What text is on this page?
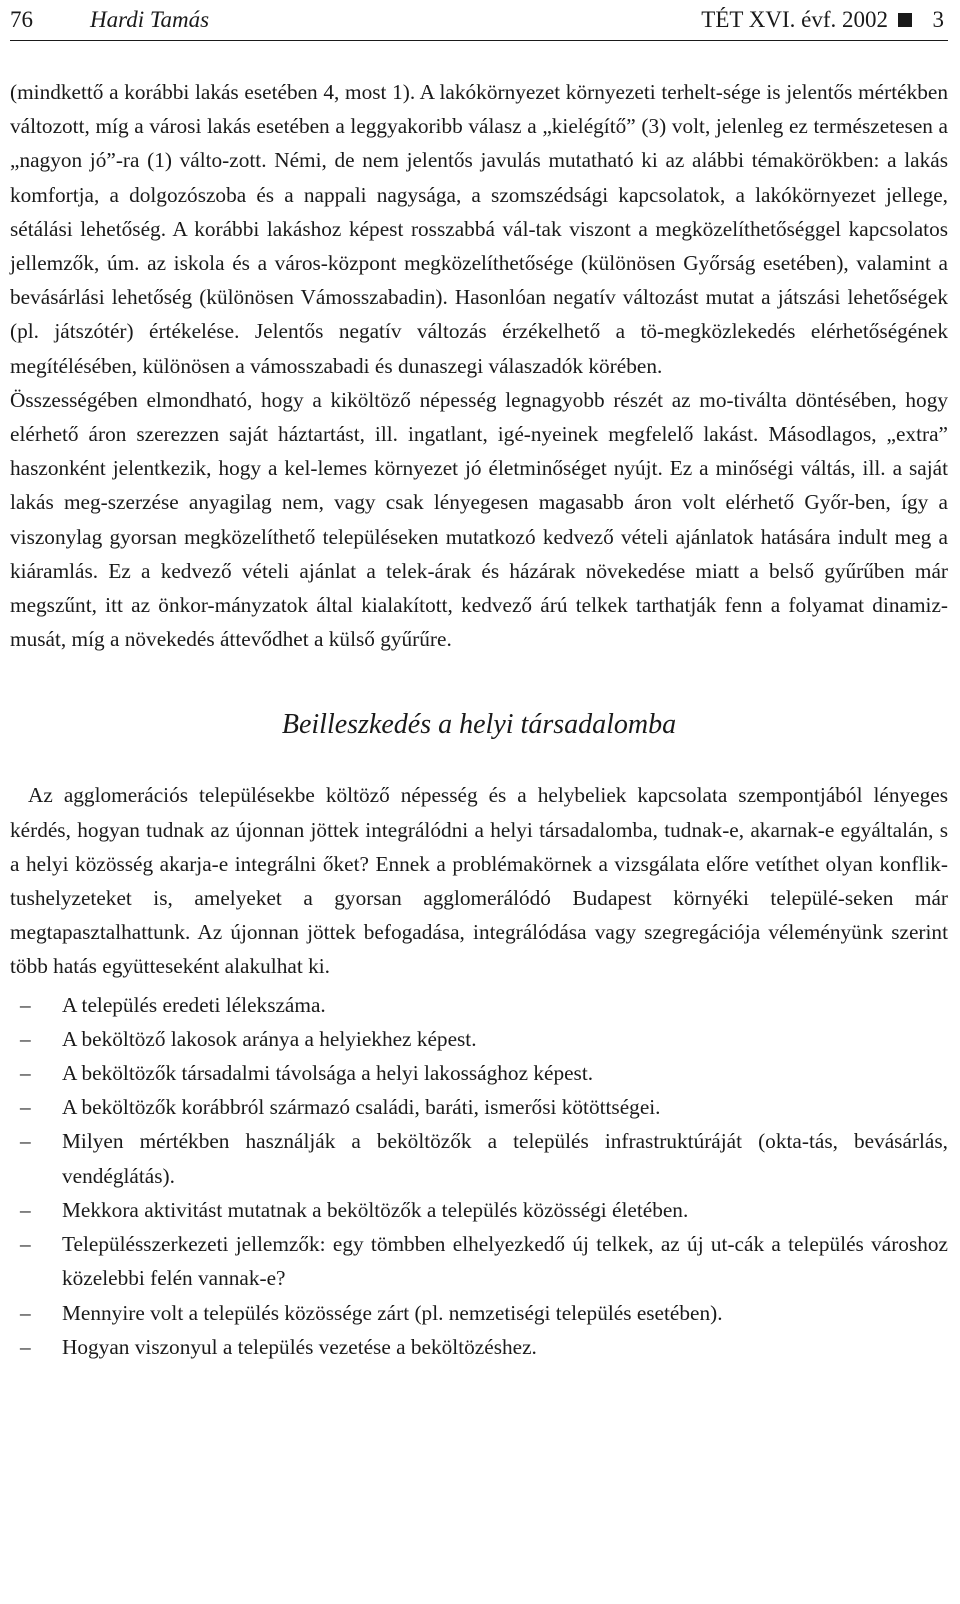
76 Hardi Tamás	TÉT XVI. évf. 2002 3

(mindkettő a korábbi lakás esetében 4, most 1). A lakókörnyezet környezeti terhelt-sége is jelentős mértékben változott, míg a városi lakás esetében a leggyakoribb válasz a „kielégítő” (3) volt, jelenleg ez természetesen a „nagyon jó”-ra (1) válto-zott. Némi, de nem jelentős javulás mutatható ki az alábbi témakörökben: a lakás komfortja, a dolgozószoba és a nappali nagysága, a szomszédsági kapcsolatok, a lakókörnyezet jellege, sétálási lehetőség. A korábbi lakáshoz képest rosszabbá vál-tak viszont a megközelíthetőséggel kapcsolatos jellemzők, úm. az iskola és a város-központ megközelíthetősége (különösen Győrság esetében), valamint a bevásárlási lehetőség (különösen Vámosszabadin). Hasonlóan negatív változást mutat a játszási lehetőségek (pl. játszótér) értékelése. Jelentős negatív változás érzékelhető a tö-megközlekedés elérhetőségének megítélésében, különösen a vámosszabadi és dunaszegi válaszadók körében.

Összességében elmondható, hogy a kiköltöző népesség legnagyobb részét az mo-tiválta döntésében, hogy elérhető áron szerezzen saját háztartást, ill. ingatlant, igé-nyeinek megfelelő lakást. Másodlagos, „extra” haszonként jelentkezik, hogy a kel-lemes környezet jó életminőséget nyújt. Ez a minőségi váltás, ill. a saját lakás meg-szerzése anyagilag nem, vagy csak lényegesen magasabb áron volt elérhető Győr-ben, így a viszonylag gyorsan megközelíthető településeken mutatkozó kedvező vételi ajánlatok hatására indult meg a kiáramlás. Ez a kedvező vételi ajánlat a telek-árak és házárak növekedése miatt a belső gyűrűben már megszűnt, itt az önkor-mányzatok által kialakított, kedvező árú telkek tarthatják fenn a folyamat dinamiz-musát, míg a növekedés áttevődhet a külső gyűrűre.

Beilleszkedés a helyi társadalomba

Az agglomerációs településekbe költöző népesség és a helybeliek kapcsolata szempontjából lényeges kérdés, hogyan tudnak az újonnan jöttek integrálódni a helyi társadalomba, tudnak-e, akarnak-e egyáltalán, s a helyi közösség akarja-e integrálni őket? Ennek a problémakörnek a vizsgálata előre vetíthet olyan konflik-tushelyzeteket is, amelyeket a gyorsan agglomerálódó Budapest környéki települé-seken már megtapasztalhattunk. Az újonnan jöttek befogadása, integrálódása vagy szegregációja véleményünk szerint több hatás együtteseként alakulhat ki.

– A település eredeti lélekszáma.
– A beköltöző lakosok aránya a helyiekhez képest.
– A beköltözők társadalmi távolsága a helyi lakossághoz képest.
– A beköltözők korábbról származó családi, baráti, ismerősi kötöttségei.
– Milyen mértékben használják a beköltözők a település infrastruktúráját (okta-tás, bevásárlás, vendéglátás).
– Mekkora aktivitást mutatnak a beköltözők a település közösségi életében.
– Településszerkezeti jellemzők: egy tömbben elhelyezkedő új telkek, az új ut-cák a település városhoz közelebbi felén vannak-e?
– Mennyire volt a település közössége zárt (pl. nemzetiségi település esetében).
– Hogyan viszonyul a település vezetése a beköltözéshez.
